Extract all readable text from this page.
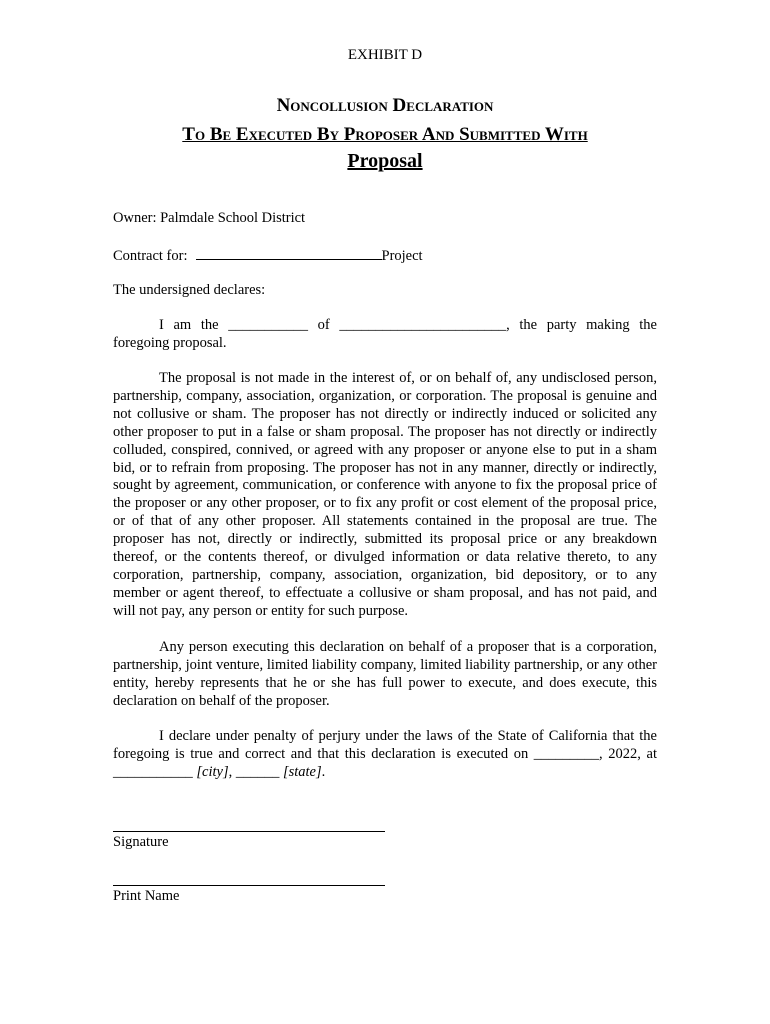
EXHIBIT D
Noncollusion Declaration
To Be Executed By Proposer And Submitted With
Proposal
Owner: Palmdale School District
Contract for:	Project
The undersigned declares:

I am the ___________ of _______________________, the party making the foregoing proposal.

The proposal is not made in the interest of, or on behalf of, any undisclosed person, partnership, company, association, organization, or corporation. The proposal is genuine and not collusive or sham. The proposer has not directly or indirectly induced or solicited any other proposer to put in a false or sham proposal. The proposer has not directly or indirectly colluded, conspired, connived, or agreed with any proposer or anyone else to put in a sham bid, or to refrain from proposing. The proposer has not in any manner, directly or indirectly, sought by agreement, communication, or conference with anyone to fix the proposal price of the proposer or any other proposer, or to fix any profit or cost element of the proposal price, or of that of any other proposer. All statements contained in the proposal are true. The proposer has not, directly or indirectly, submitted its proposal price or any breakdown thereof, or the contents thereof, or divulged information or data relative thereto, to any corporation, partnership, company, association, organization, bid depository, or to any member or agent thereof, to effectuate a collusive or sham proposal, and has not paid, and will not pay, any person or entity for such purpose.

Any person executing this declaration on behalf of a proposer that is a corporation, partnership, joint venture, limited liability company, limited liability partnership, or any other entity, hereby represents that he or she has full power to execute, and does execute, this declaration on behalf of the proposer.

I declare under penalty of perjury under the laws of the State of California that the foregoing is true and correct and that this declaration is executed on _________, 2022, at ___________ [city], ______ [state].

Signature
Print Name
